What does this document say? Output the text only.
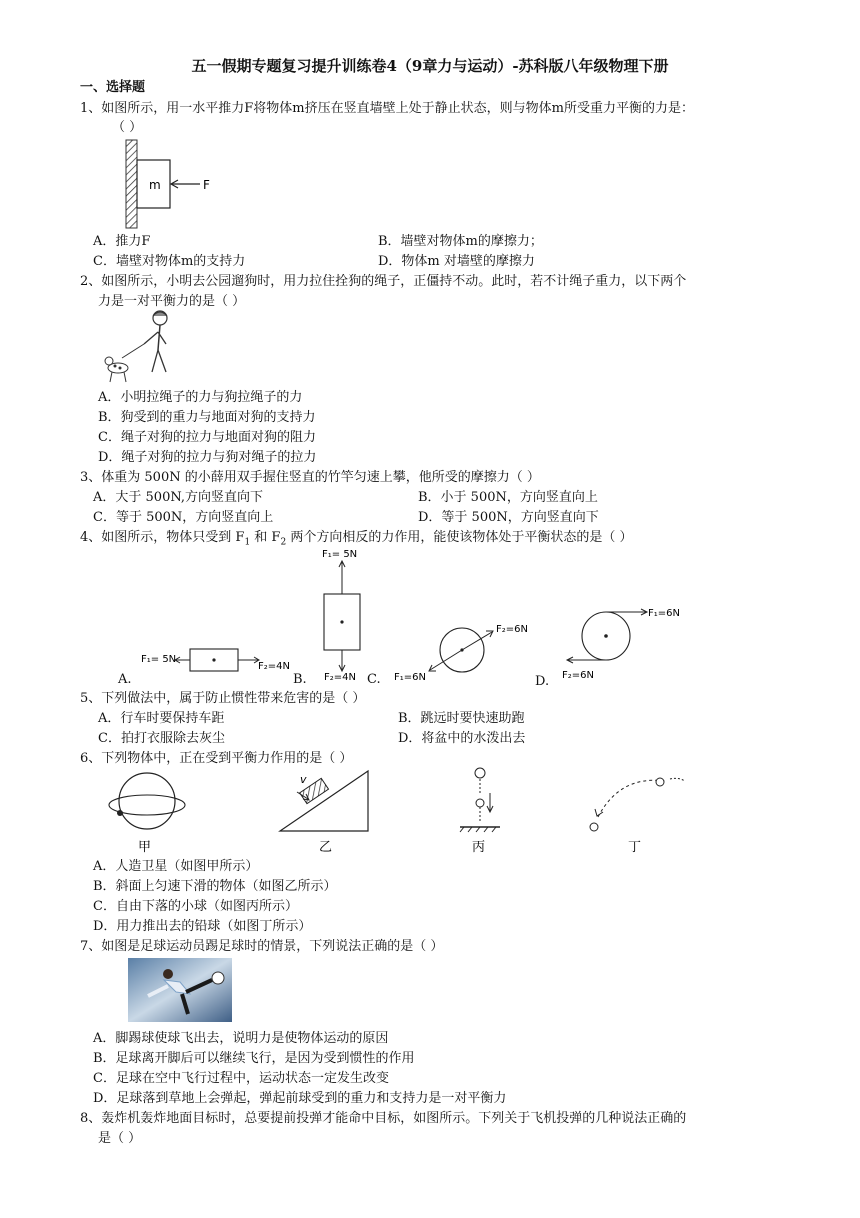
五一假期专题复习提升训练卷4（9章力与运动）-苏科版八年级物理下册
一、选择题
1、如图所示，用一水平推力F将物体m挤压在竖直墙壁上处于静止状态，则与物体m所受重力平衡的力是：
（ ）
m	F
A．推力F	B．墙壁对物体m的摩擦力；
C．墙壁对物体m的支持力	D．物体m 对墙壁的摩擦力
2、如图所示，小明去公园遛狗时，用力拉住拴狗的绳子，正僵持不动。此时，若不计绳子重力，以下两个
力是一对平衡力的是（ ）
A．小明拉绳子的力与狗拉绳子的力
B．狗受到的重力与地面对狗的支持力
C．绳子对狗的拉力与地面对狗的阻力
D．绳子对狗的拉力与狗对绳子的拉力
3、体重为 500N 的小薛用双手握住竖直的竹竿匀速上攀，他所受的摩擦力（ ）
A．大于 500N,方向竖直向下	B．小于 500N，方向竖直向上
C．等于 500N，方向竖直向上	D．等于 500N，方向竖直向下
4、如图所示，物体只受到 $F_1$ 和 $F_2$ 两个方向相反的力作用，能使该物体处于平衡状态的是（ ）
A.
F₁= 5N
F₂=4N
B.
F₁= 5N
F₂=4N C.
F₂=6N
F₁=6N	D.
F₁=6N
F₂=6N
5、下列做法中，属于防止惯性带来危害的是（ ）
A．行车时要保持车距	B．跳远时要快速助跑
C．拍打衣服除去灰尘	D．将盆中的水泼出去
6、下列物体中，正在受到平衡力作用的是（ ）
甲
v
乙	丙	丁
A．人造卫星（如图甲所示）
B．斜面上匀速下滑的物体（如图乙所示）
C．自由下落的小球（如图丙所示）
D．用力推出去的铅球（如图丁所示）
7、如图是足球运动员踢足球时的情景，下列说法正确的是（ ）
A．脚踢球使球飞出去，说明力是使物体运动的原因
B．足球离开脚后可以继续飞行，是因为受到惯性的作用
C．足球在空中飞行过程中，运动状态一定发生改变
D．足球落到草地上会弹起，弹起前球受到的重力和支持力是一对平衡力
8、轰炸机轰炸地面目标时，总要提前投弹才能命中目标，如图所示。下列关于飞机投弹的几种说法正确的
是（ ）
